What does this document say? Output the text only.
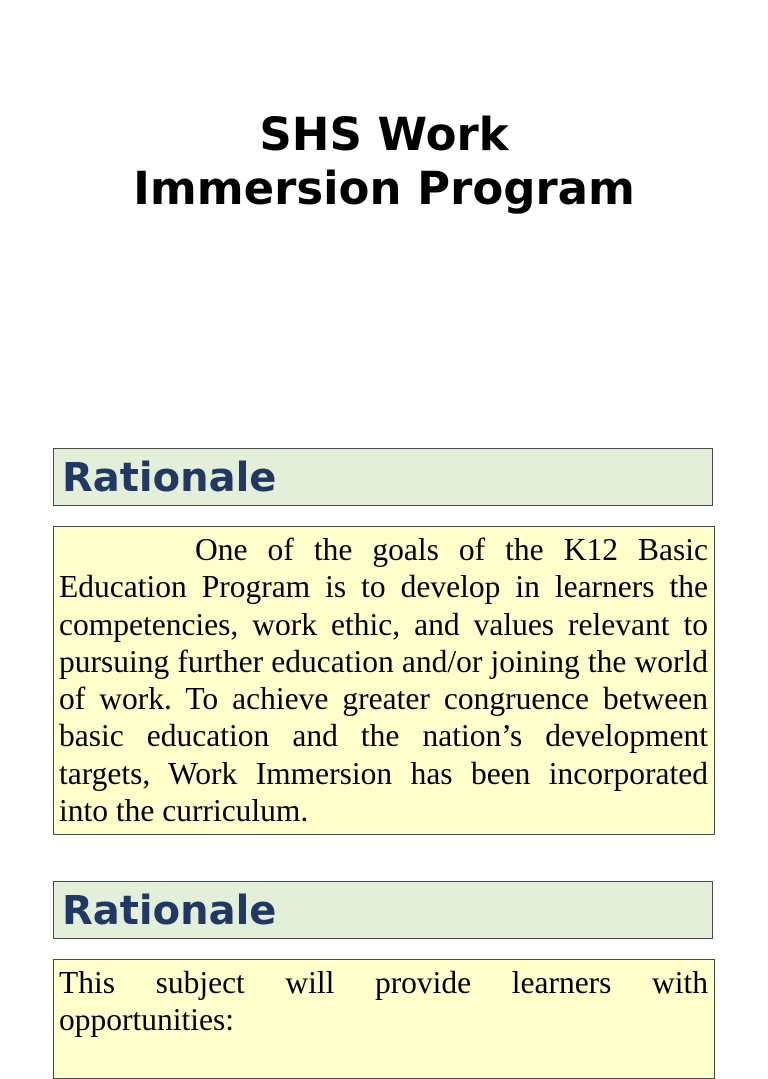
SHS Work
Immersion Program
Rationale
One of the goals of the K12 Basic Education Program is to develop in learners the competencies, work ethic, and values relevant to pursuing further education and/or joining the world of work. To achieve greater congruence between basic education and the nation’s development targets, Work Immersion has been incorporated into the curriculum.
Rationale
This subject will provide learners with opportunities:
